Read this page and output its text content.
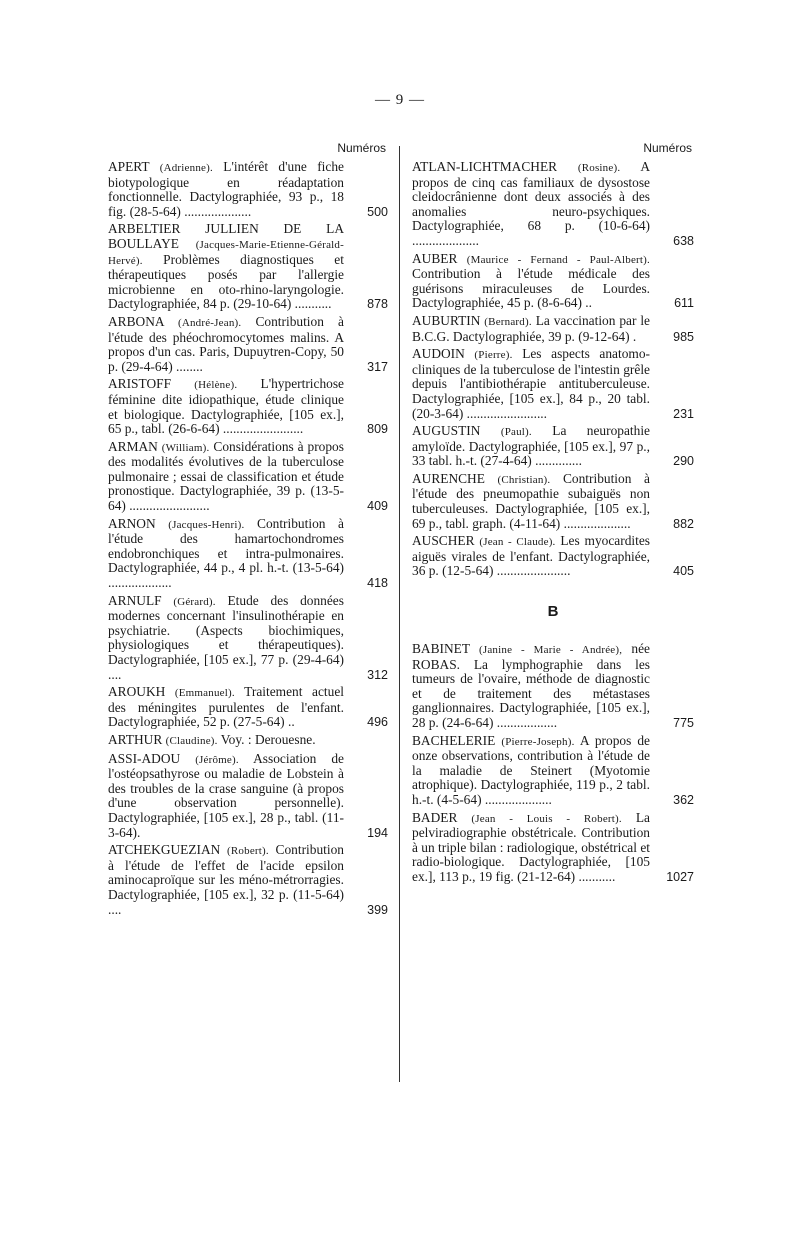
— 9 —
Numéros
APERT (Adrienne). L'intérêt d'une fiche biotypologique en réadaptation fonctionnelle. Dactylographiée, 93 p., 18 fig. (28-5-64) ....................	500
ARBELTIER JULLIEN DE LA BOULLAYE (Jacques-Marie-Etienne-Gérald-Hervé). Problèmes diagnostiques et thérapeutiques posés par l'allergie microbienne en oto-rhino-laryngologie. Dactylographiée, 84 p. (29-10-64) ...........	878
ARBONA (André-Jean). Contribution à l'étude des phéochromocytomes malins. A propos d'un cas. Paris, Dupuytren-Copy, 50 p. (29-4-64) ........	317
ARISTOFF (Hélène). L'hypertrichose féminine dite idiopathique, étude clinique et biologique. Dactylographiée, [105 ex.], 65 p., tabl. (26-6-64) ........................	809
ARMAN (William). Considérations à propos des modalités évolutives de la tuberculose pulmonaire ; essai de classification et étude pronostique. Dactylographiée, 39 p. (13-5-64) ........................	409
ARNON (Jacques-Henri). Contribution à l'étude des hamartochondromes endobronchiques et intra-pulmonaires. Dactylographiée, 44 p., 4 pl. h.-t. (13-5-64) ...................	418
ARNULF (Gérard). Etude des données modernes concernant l'insulinothérapie en psychiatrie. (Aspects biochimiques, physiologiques et thérapeutiques). Dactylographiée, [105 ex.], 77 p. (29-4-64) ....	312
AROUKH (Emmanuel). Traitement actuel des méningites purulentes de l'enfant. Dactylographiée, 52 p. (27-5-64) ..	496
ARTHUR (Claudine). Voy. : Derouesne.
ASSI-ADOU (Jérôme). Association de l'ostéopsathyrose ou maladie de Lobstein à des troubles de la crase sanguine (à propos d'une observation personnelle). Dactylographiée, [105 ex.], 28 p., tabl. (11-3-64).	194
ATCHEKGUEZIAN (Robert). Contribution à l'étude de l'effet de l'acide epsilon aminocaproïque sur les méno-métrorragies. Dactylographiée, [105 ex.], 32 p. (11-5-64) ....	399
Numéros
ATLAN-LICHTMACHER (Rosine). A propos de cinq cas familiaux de dysostose cleidocrânienne dont deux associés à des anomalies neuro-psychiques. Dactylographiée, 68 p. (10-6-64) ....................	638
AUBER (Maurice - Fernand - Paul-Albert). Contribution à l'étude médicale des guérisons miraculeuses de Lourdes. Dactylographiée, 45 p. (8-6-64) ..	611
AUBURTIN (Bernard). La vaccination par le B.C.G. Dactylographiée, 39 p. (9-12-64) .	985
AUDOIN (Pierre). Les aspects anatomo-cliniques de la tuberculose de l'intestin grêle depuis l'antibiothérapie antituberculeuse. Dactylographiée, [105 ex.], 84 p., 20 tabl. (20-3-64) ........................	231
AUGUSTIN (Paul). La neuropathie amyloïde. Dactylographiée, [105 ex.], 97 p., 33 tabl. h.-t. (27-4-64) ..............	290
AURENCHE (Christian). Contribution à l'étude des pneumopathie subaiguës non tuberculeuses. Dactylographiée, [105 ex.], 69 p., tabl. graph. (4-11-64) ....................	882
AUSCHER (Jean - Claude). Les myocardites aiguës virales de l'enfant. Dactylographiée, 36 p. (12-5-64) ......................	405
B
BABINET (Janine - Marie - Andrée), née ROBAS. La lymphographie dans les tumeurs de l'ovaire, méthode de diagnostic et de traitement des métastases ganglionnaires. Dactylographiée, [105 ex.], 28 p. (24-6-64) ..................	775
BACHELERIE (Pierre-Joseph). A propos de onze observations, contribution à l'étude de la maladie de Steinert (Myotomie atrophique). Dactylographiée, 119 p., 2 tabl. h.-t. (4-5-64) ....................	362
BADER (Jean - Louis - Robert). La pelviradiographie obstétricale. Contribution à un triple bilan : radiologique, obstétrical et radio-biologique. Dactylographiée, [105 ex.], 113 p., 19 fig. (21-12-64) ...........	1027
